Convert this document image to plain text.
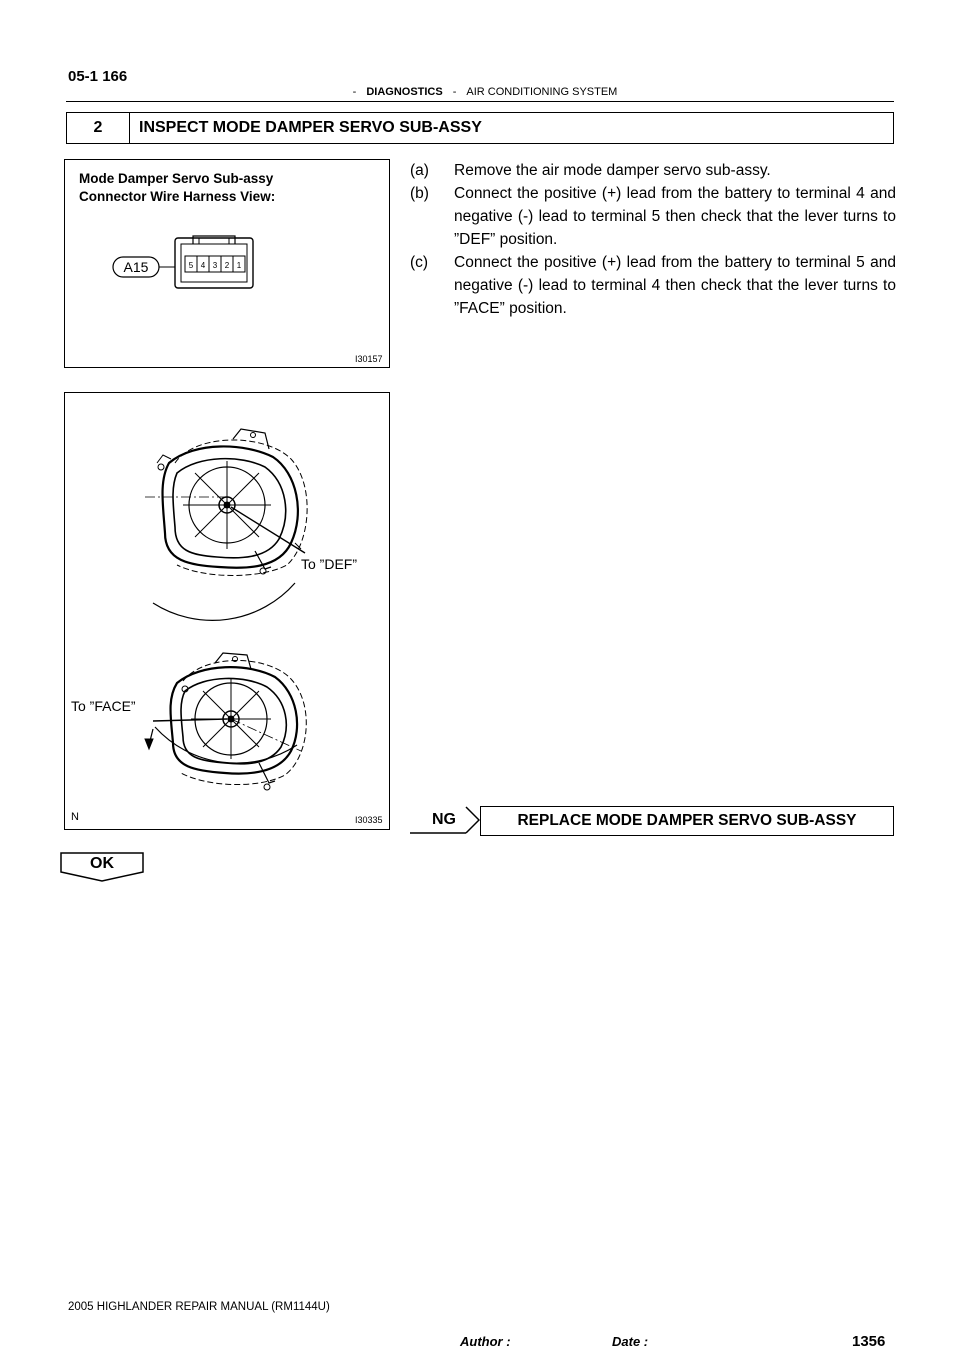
05-1 166
- DIAGNOSTICS - AIR CONDITIONING SYSTEM
2	INSPECT MODE DAMPER SERVO SUB-ASSY
Mode Damper Servo Sub-assy
Connector Wire Harness View:
A15	5 4 3 2 1
I30157
To ”DEF”
To ”FACE”
N	I30335
(a) Remove the air mode damper servo sub-assy.
(b) Connect the positive (+) lead from the battery to terminal 4 and negative (-) lead to terminal 5 then check that the lever turns to ”DEF” position.
(c) Connect the positive (+) lead from the battery to terminal 5 and negative (-) lead to terminal 4 then check that the lever turns to ”FACE” position.
NG	REPLACE MODE DAMPER SERVO SUB-ASSY
OK
2005 HIGHLANDER REPAIR MANUAL (RM1144U)
Author :	Date :	1356
